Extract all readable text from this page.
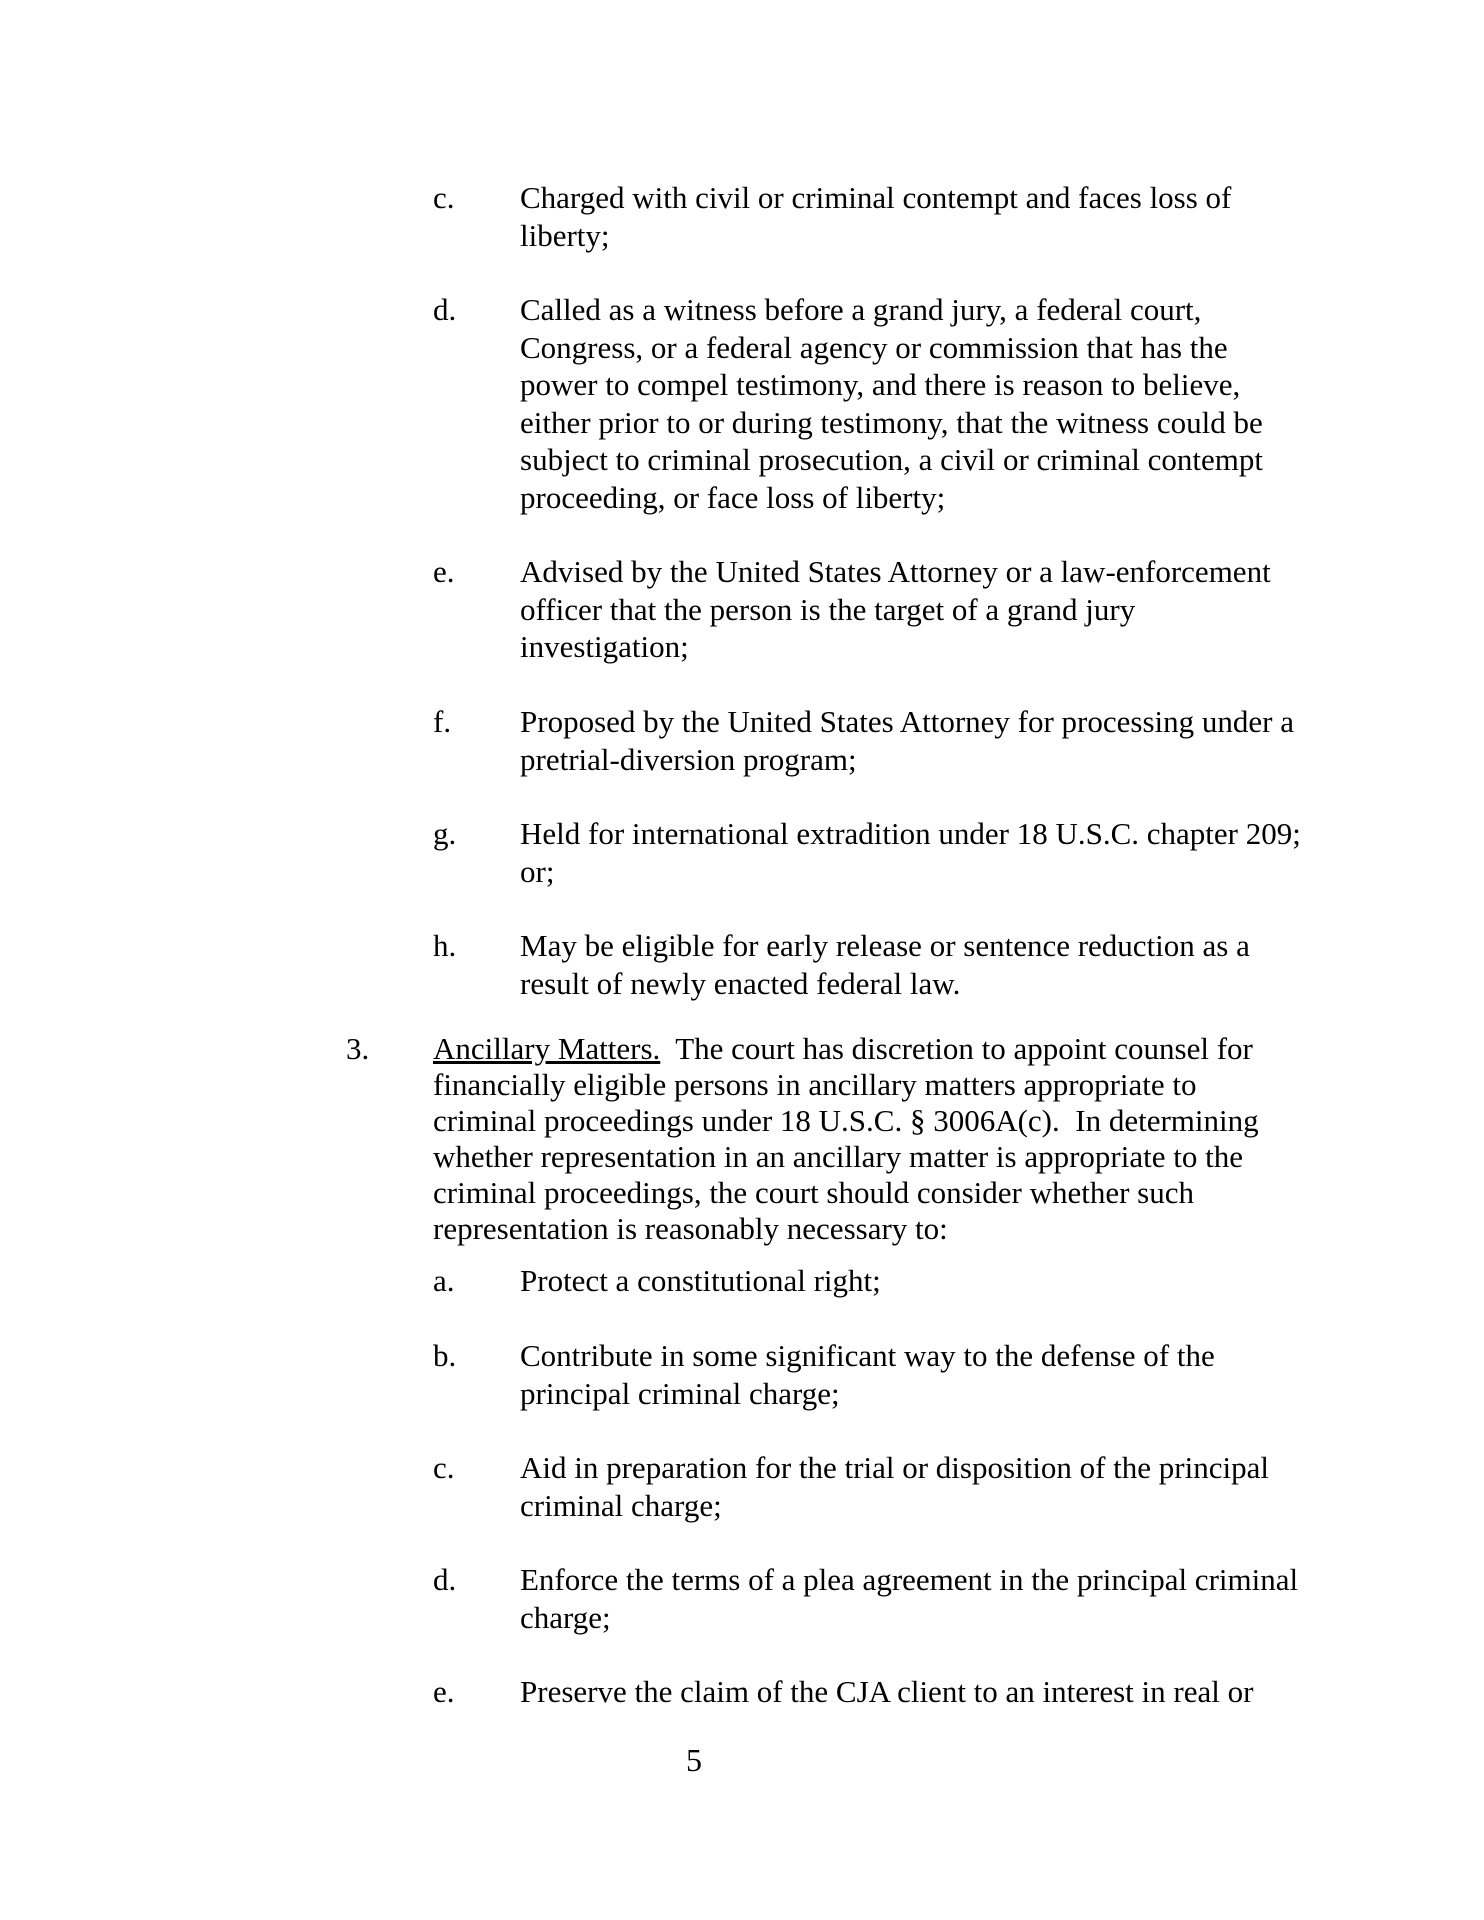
c. Charged with civil or criminal contempt and faces loss of
liberty;
d. Called as a witness before a grand jury, a federal court,
Congress, or a federal agency or commission that has the
power to compel testimony, and there is reason to believe,
either prior to or during testimony, that the witness could be
subject to criminal prosecution, a civil or criminal contempt
proceeding, or face loss of liberty;
e. Advised by the United States Attorney or a law-enforcement
officer that the person is the target of a grand jury
investigation;
f. Proposed by the United States Attorney for processing under a
pretrial-diversion program;
g. Held for international extradition under 18 U.S.C. chapter 209;
or;
h. May be eligible for early release or sentence reduction as a
result of newly enacted federal law.
3. Ancillary Matters.  The court has discretion to appoint counsel for
financially eligible persons in ancillary matters appropriate to
criminal proceedings under 18 U.S.C. § 3006A(c).  In determining
whether representation in an ancillary matter is appropriate to the
criminal proceedings, the court should consider whether such
representation is reasonably necessary to:
a. Protect a constitutional right;
b. Contribute in some significant way to the defense of the
principal criminal charge;
c. Aid in preparation for the trial or disposition of the principal
criminal charge;
d. Enforce the terms of a plea agreement in the principal criminal
charge;
e. Preserve the claim of the CJA client to an interest in real or
5
